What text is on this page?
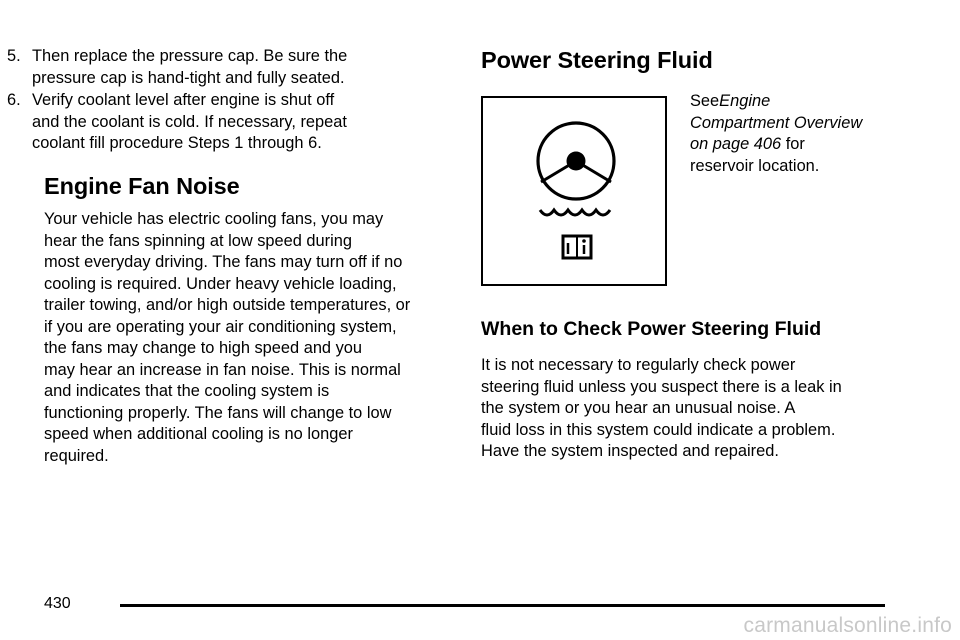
5. Then replace the pressure cap. Be sure the
pressure cap is hand-tight and fully seated.
6. Verify coolant level after engine is shut off
and the coolant is cold. If necessary, repeat
coolant fill procedure Steps 1 through 6.
Engine Fan Noise

Your vehicle has electric cooling fans, you may
hear the fans spinning at low speed during
most everyday driving. The fans may turn off if no
cooling is required. Under heavy vehicle loading,
trailer towing, and/or high outside temperatures, or
if you are operating your air conditioning system,
the fans may change to high speed and you
may hear an increase in fan noise. This is normal
and indicates that the cooling system is
functioning properly. The fans will change to low
speed when additional cooling is no longer
required.

Power Steering Fluid
SeeEngine
Compartment Overview
on page 406 for
reservoir location.
When to Check Power Steering Fluid

It is not necessary to regularly check power
steering fluid unless you suspect there is a leak in
the system or you hear an unusual noise. A
fluid loss in this system could indicate a problem.
Have the system inspected and repaired.

430
carmanualsonline.info
